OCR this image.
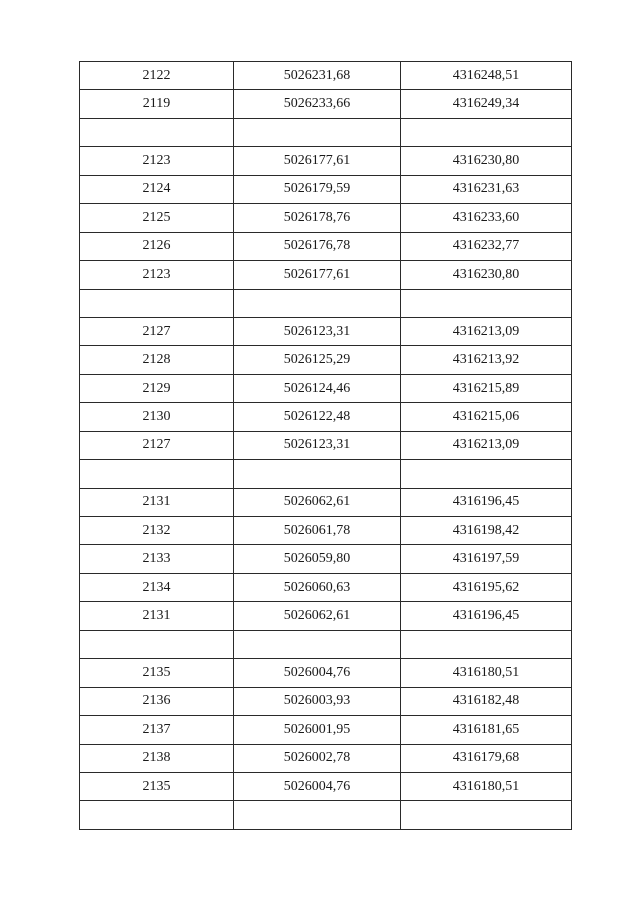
2122	5026231,68	4316248,51
2119	5026233,66	4316249,34

2123	5026177,61	4316230,80
2124	5026179,59	4316231,63
2125	5026178,76	4316233,60
2126	5026176,78	4316232,77
2123	5026177,61	4316230,80

2127	5026123,31	4316213,09
2128	5026125,29	4316213,92
2129	5026124,46	4316215,89
2130	5026122,48	4316215,06
2127	5026123,31	4316213,09

2131	5026062,61	4316196,45
2132	5026061,78	4316198,42
2133	5026059,80	4316197,59
2134	5026060,63	4316195,62
2131	5026062,61	4316196,45

2135	5026004,76	4316180,51
2136	5026003,93	4316182,48
2137	5026001,95	4316181,65
2138	5026002,78	4316179,68
2135	5026004,76	4316180,51
